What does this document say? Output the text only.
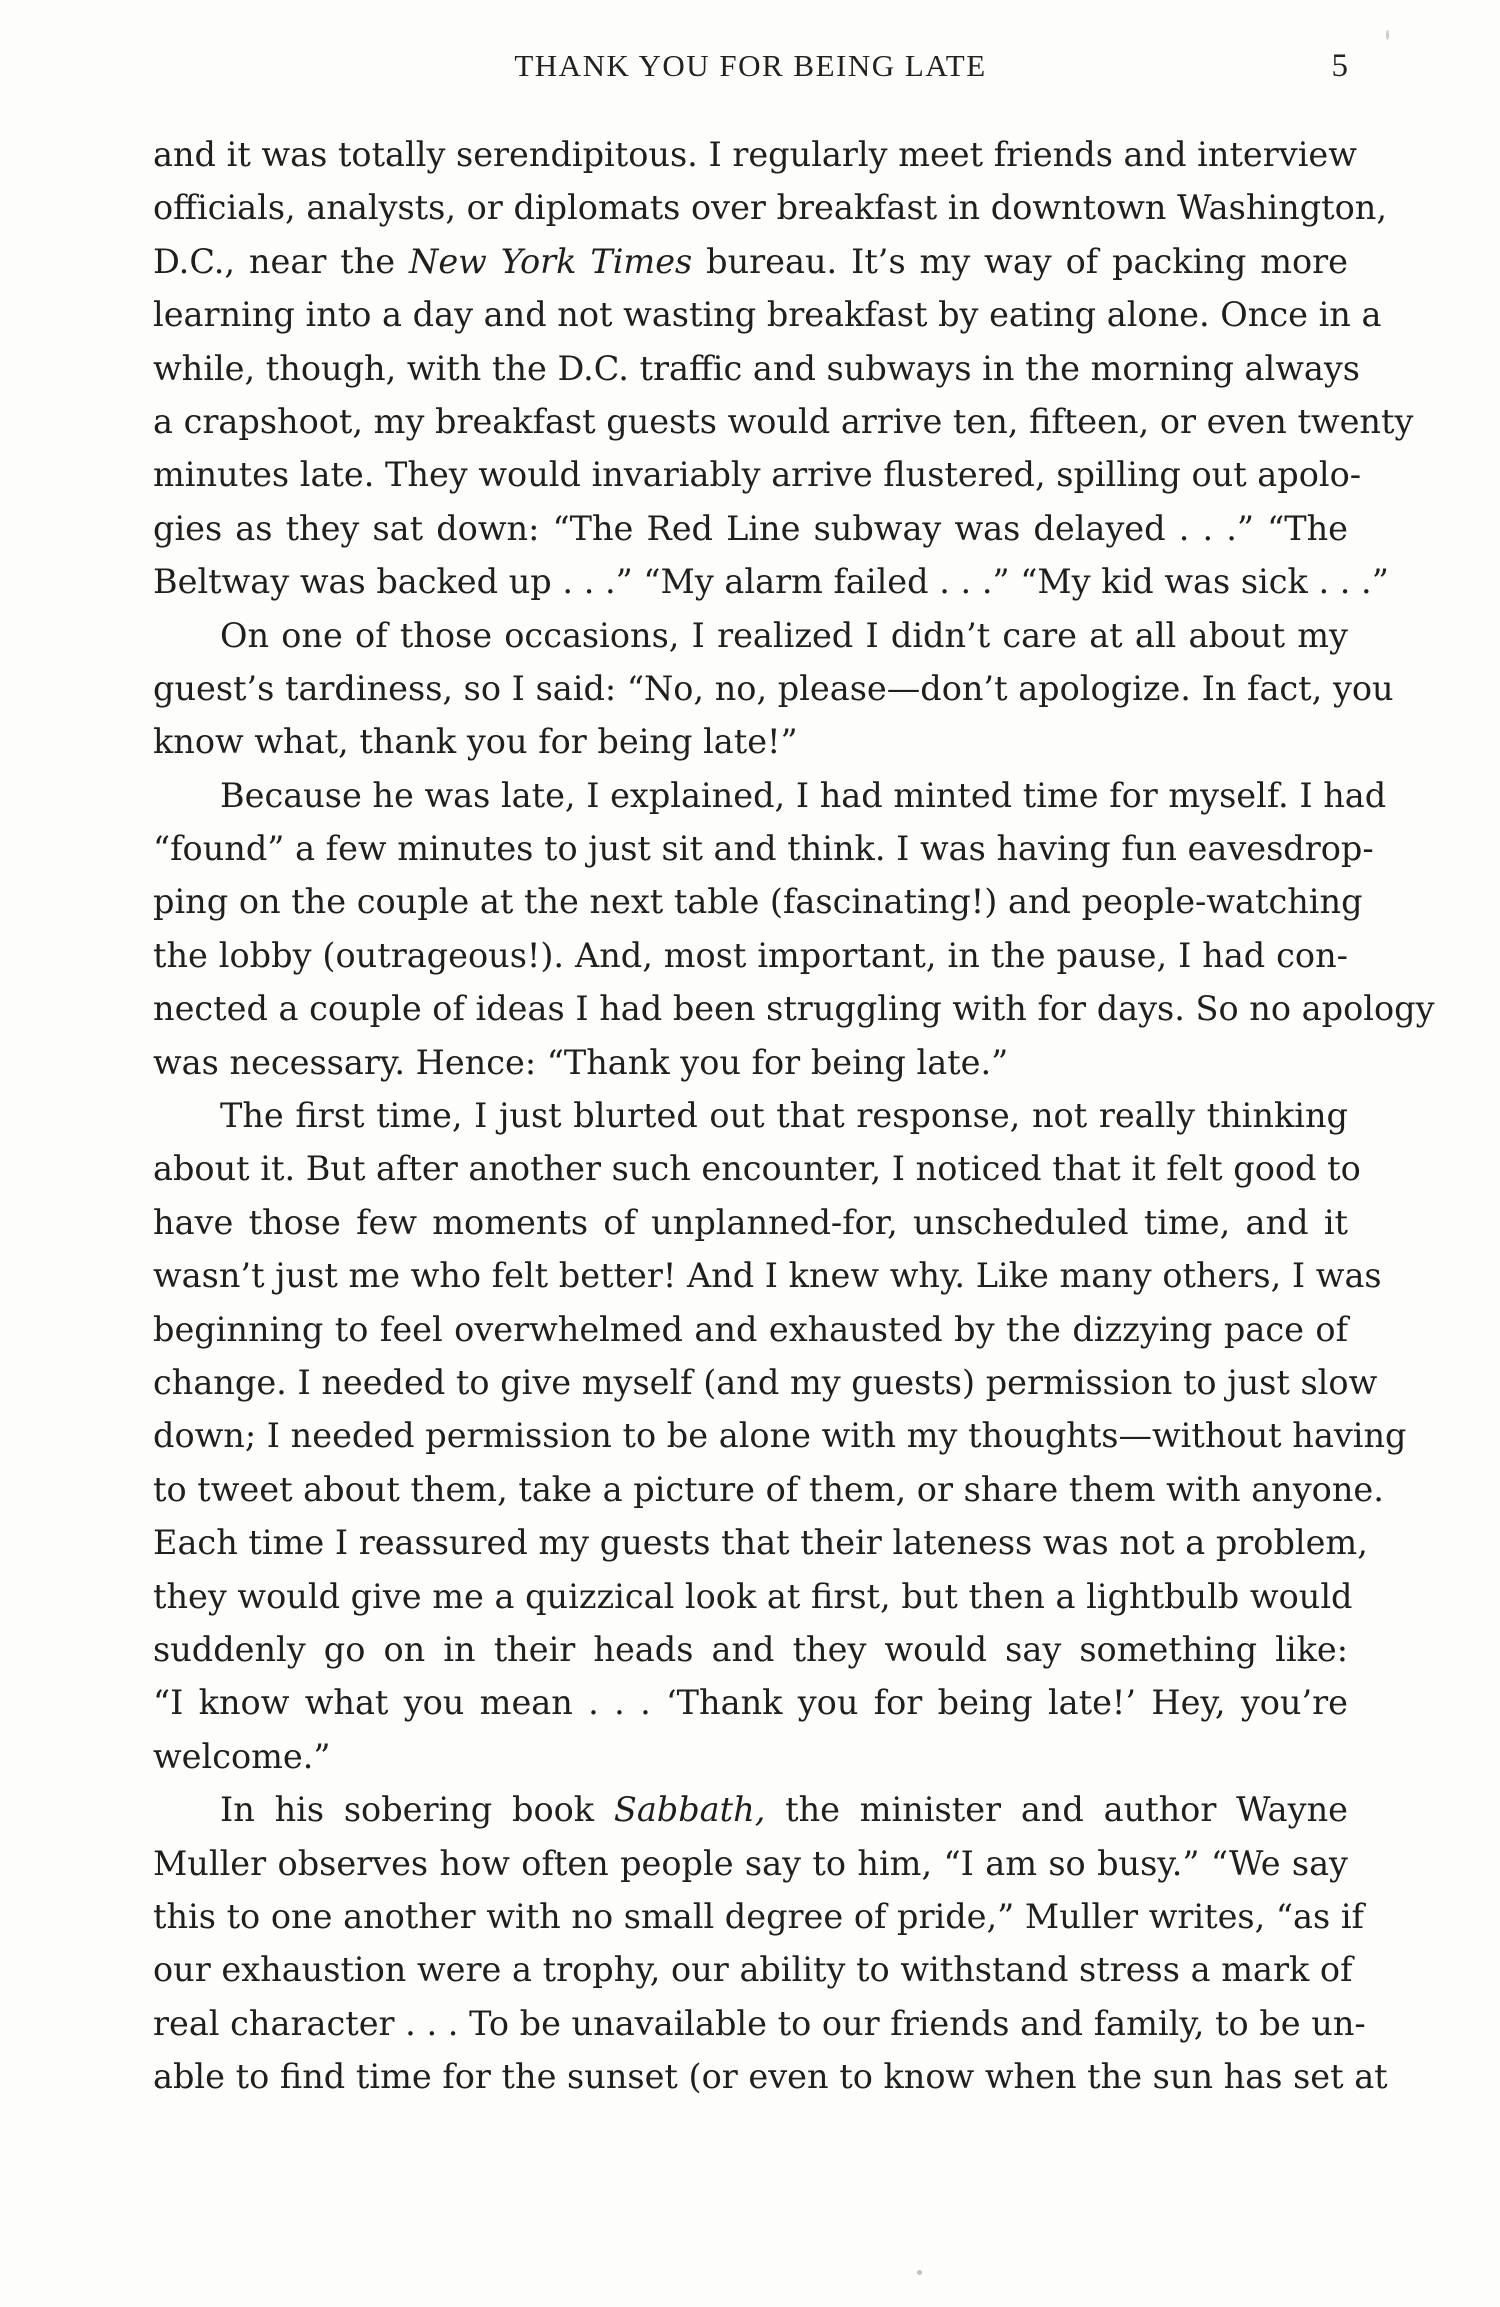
THANK YOU FOR BEING LATE	5
and it was totally serendipitous. I regularly meet friends and interview
officials, analysts, or diplomats over breakfast in downtown Washington,
D.C., near the New York Times bureau. It’s my way of packing more
learning into a day and not wasting breakfast by eating alone. Once in a
while, though, with the D.C. traffic and subways in the morning always
a crapshoot, my breakfast guests would arrive ten, fifteen, or even twenty
minutes late. They would invariably arrive flustered, spilling out apolo-
gies as they sat down: “The Red Line subway was delayed . . .” “The
Beltway was backed up . . .” “My alarm failed . . .” “My kid was sick . . .”
On one of those occasions, I realized I didn’t care at all about my
guest’s tardiness, so I said: “No, no, please—don’t apologize. In fact, you
know what, thank you for being late!”
Because he was late, I explained, I had minted time for myself. I had
“found” a few minutes to just sit and think. I was having fun eavesdrop-
ping on the couple at the next table (fascinating!) and people-watching
the lobby (outrageous!). And, most important, in the pause, I had con-
nected a couple of ideas I had been struggling with for days. So no apology
was necessary. Hence: “Thank you for being late.”
The first time, I just blurted out that response, not really thinking
about it. But after another such encounter, I noticed that it felt good to
have those few moments of unplanned-for, unscheduled time, and it
wasn’t just me who felt better! And I knew why. Like many others, I was
beginning to feel overwhelmed and exhausted by the dizzying pace of
change. I needed to give myself (and my guests) permission to just slow
down; I needed permission to be alone with my thoughts—without having
to tweet about them, take a picture of them, or share them with anyone.
Each time I reassured my guests that their lateness was not a problem,
they would give me a quizzical look at first, but then a lightbulb would
suddenly go on in their heads and they would say something like:
“I know what you mean . . . ‘Thank you for being late!’ Hey, you’re
welcome.”
In his sobering book Sabbath, the minister and author Wayne
Muller observes how often people say to him, “I am so busy.” “We say
this to one another with no small degree of pride,” Muller writes, “as if
our exhaustion were a trophy, our ability to withstand stress a mark of
real character . . . To be unavailable to our friends and family, to be un-
able to find time for the sunset (or even to know when the sun has set at
